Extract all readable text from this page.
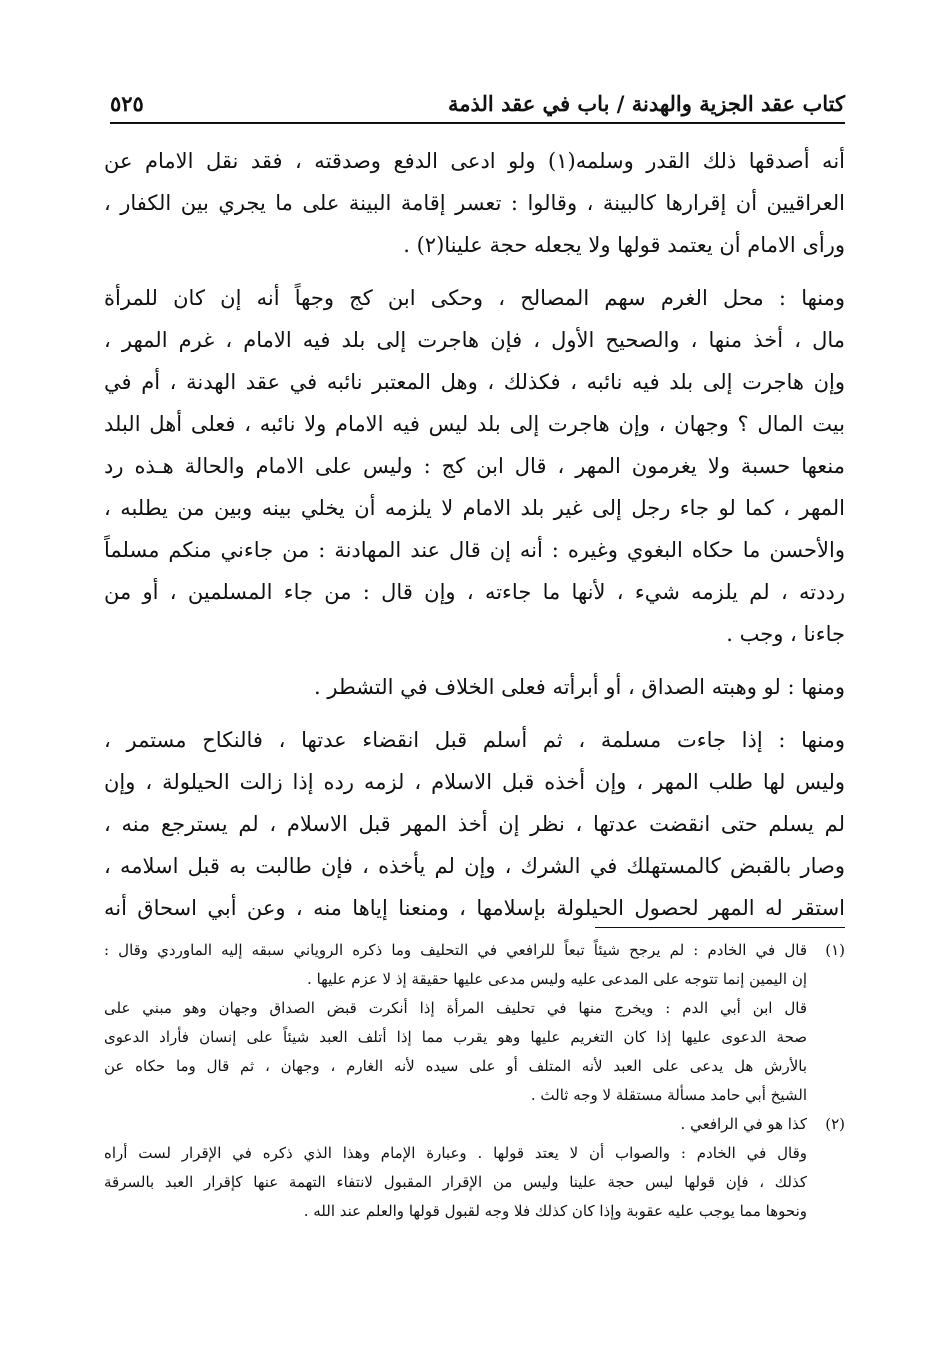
كتاب عقد الجزية والهدنة / باب في عقد الذمة
٥٢٥
أنه أصدقها ذلك القدر وسلمه(١) ولو ادعى الدفع وصدقته ، فقد نقل الامام عن
العراقيين أن إقرارها كالبينة ، وقالوا : تعسر إقامة البينة على ما يجري بين الكفار ،
ورأى الامام أن يعتمد قولها ولا يجعله حجة علينا(٢) .
ومنها : محل الغرم سهم المصالح ، وحكى ابن كج وجهاً أنه إن كان للمرأة
مال ، أخذ منها ، والصحيح الأول ، فإن هاجرت إلى بلد فيه الامام ، غرم المهر ،
وإن هاجرت إلى بلد فيه نائبه ، فكذلك ، وهل المعتبر نائبه في عقد الهدنة ، أم في
بيت المال ؟ وجهان ، وإن هاجرت إلى بلد ليس فيه الامام ولا نائبه ، فعلى أهل البلد
منعها حسبة ولا يغرمون المهر ، قال ابن كج : وليس على الامام والحالة هـذه رد
المهر ، كما لو جاء رجل إلى غير بلد الامام لا يلزمه أن يخلي بينه وبين من يطلبه ،
والأحسن ما حكاه البغوي وغيره : أنه إن قال عند المهادنة : من جاءني منكم مسلماً
رددته ، لم يلزمه شيء ، لأنها ما جاءته ، وإن قال : من جاء المسلمين ، أو من
جاءنا ، وجب .
ومنها : لو وهبته الصداق ، أو أبرأته فعلى الخلاف في التشطر .
ومنها : إذا جاءت مسلمة ، ثم أسلم قبل انقضاء عدتها ، فالنكاح مستمر ،
وليس لها طلب المهر ، وإن أخذه قبل الاسلام ، لزمه رده إذا زالت الحيلولة ، وإن
لم يسلم حتى انقضت عدتها ، نظر إن أخذ المهر قبل الاسلام ، لم يسترجع منه ،
وصار بالقبض كالمستهلك في الشرك ، وإن لم يأخذه ، فإن طالبت به قبل اسلامه ،
استقر له المهر لحصول الحيلولة بإسلامها ، ومنعنا إياها منه ، وعن أبي اسحاق أنه
(١)
قال في الخادم : لم يرجح شيئاً تبعاً للرافعي في التحليف وما ذكره الروياني سبقه إليه الماوردي وقال :
إن اليمين إنما تتوجه على المدعى عليه وليس مدعى عليها حقيقة إذ لا عزم عليها .
قال ابن أبي الدم : ويخرج منها في تحليف المرأة إذا أنكرت قبض الصداق وجهان وهو مبني على
صحة الدعوى عليها إذا كان التغريم عليها وهو يقرب مما إذا أتلف العبد شيئاً على إنسان فأراد الدعوى
بالأرش هل يدعى على العبد لأنه المتلف أو على سيده لأنه الغارم ، وجهان ، ثم قال وما حكاه عن
الشيخ أبي حامد مسألة مستقلة لا وجه ثالث .
(٢)
كذا هو في الرافعي .
وقال في الخادم : والصواب أن لا يعتد قولها . وعبارة الإمام وهذا الذي ذكره في الإقرار لست أراه
كذلك ، فإن قولها ليس حجة علينا وليس من الإقرار المقبول لانتفاء التهمة عنها كإقرار العبد بالسرقة
ونحوها مما يوجب عليه عقوبة وإذا كان كذلك فلا وجه لقبول قولها والعلم عند الله .
